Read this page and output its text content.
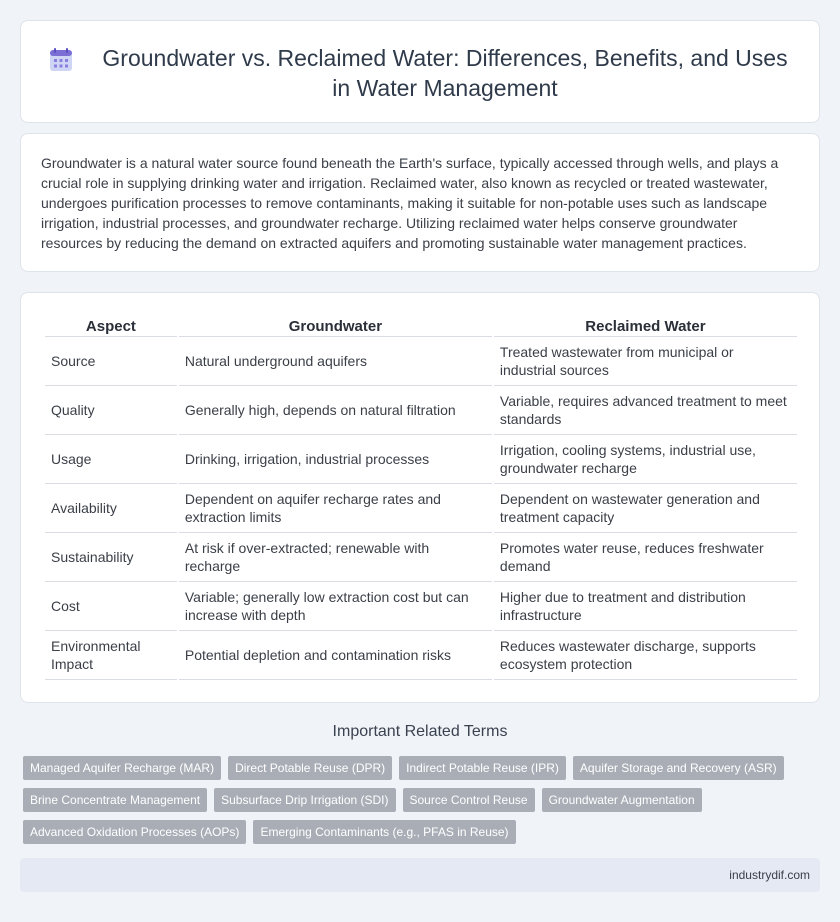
Groundwater vs. Reclaimed Water: Differences, Benefits, and Uses in Water Management

Groundwater is a natural water source found beneath the Earth's surface, typically accessed through wells, and plays a crucial role in supplying drinking water and irrigation. Reclaimed water, also known as recycled or treated wastewater, undergoes purification processes to remove contaminants, making it suitable for non-potable uses such as landscape irrigation, industrial processes, and groundwater recharge. Utilizing reclaimed water helps conserve groundwater resources by reducing the demand on extracted aquifers and promoting sustainable water management practices.

Aspect	Groundwater	Reclaimed Water
Source	Natural underground aquifers	Treated wastewater from municipal or industrial sources
Quality	Generally high, depends on natural filtration	Variable, requires advanced treatment to meet standards
Usage	Drinking, irrigation, industrial processes	Irrigation, cooling systems, industrial use, groundwater recharge
Availability	Dependent on aquifer recharge rates and extraction limits	Dependent on wastewater generation and treatment capacity
Sustainability	At risk if over-extracted; renewable with recharge	Promotes water reuse, reduces freshwater demand
Cost	Variable; generally low extraction cost but can increase with depth	Higher due to treatment and distribution infrastructure
Environmental Impact	Potential depletion and contamination risks	Reduces wastewater discharge, supports ecosystem protection
Important Related Terms
Managed Aquifer Recharge (MAR)	Direct Potable Reuse (DPR)	Indirect Potable Reuse (IPR)	Aquifer Storage and Recovery (ASR)
Brine Concentrate Management	Subsurface Drip Irrigation (SDI)	Source Control Reuse	Groundwater Augmentation
Advanced Oxidation Processes (AOPs)	Emerging Contaminants (e.g., PFAS in Reuse)
industrydif.com
